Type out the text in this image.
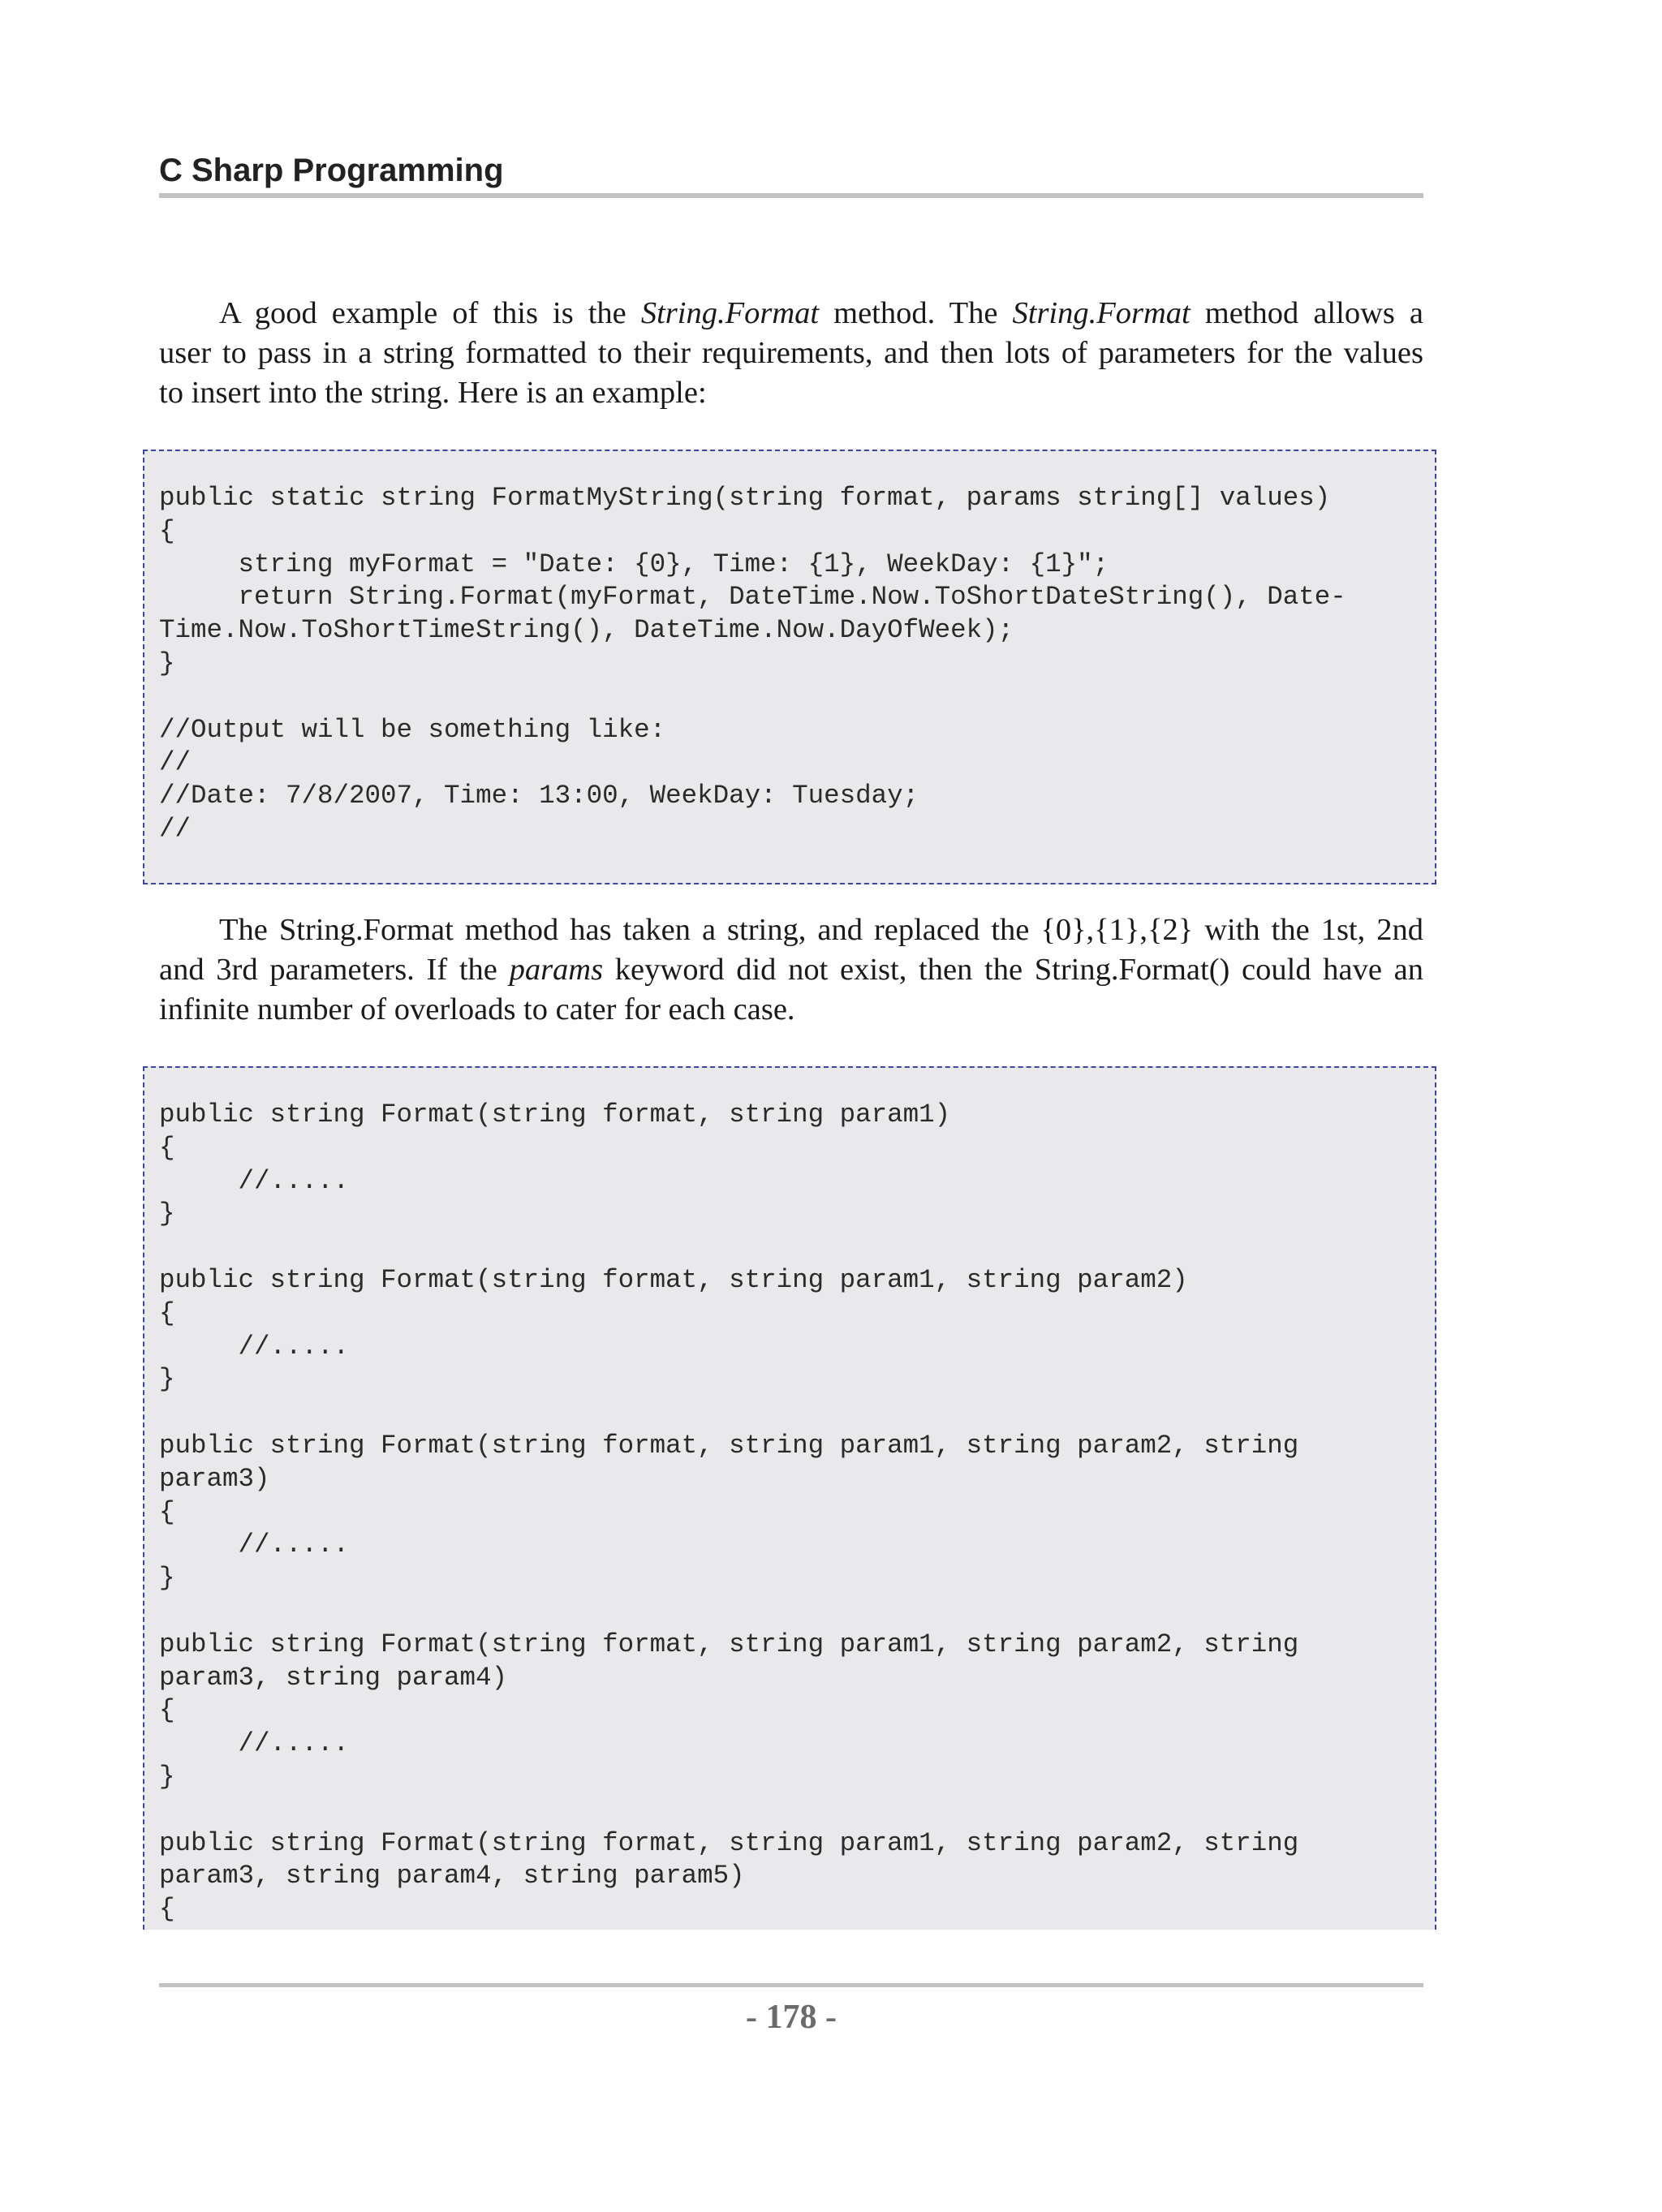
C Sharp Programming
A good example of this is the String.Format method. The String.Format method allows a
user to pass in a string formatted to their requirements, and then lots of parameters for the values
to insert into the string. Here is an example:
public static string FormatMyString(string format, params string[] values)
{
string myFormat = "Date: {0}, Time: {1}, WeekDay: {1}";
return String.Format(myFormat, DateTime.Now.ToShortDateString(), Date-
Time.Now.ToShortTimeString(), DateTime.Now.DayOfWeek);
}

//Output will be something like:
//
//Date: 7/8/2007, Time: 13:00, WeekDay: Tuesday;
//
The String.Format method has taken a string, and replaced the {0},{1},{2} with the 1st, 2nd
and 3rd parameters. If the params keyword did not exist, then the String.Format() could have an
infinite number of overloads to cater for each case.
public string Format(string format, string param1)
{
//.....
}

public string Format(string format, string param1, string param2)
{
//.....
}

public string Format(string format, string param1, string param2, string
param3)
{
//.....
}

public string Format(string format, string param1, string param2, string
param3, string param4)
{
//.....
}

public string Format(string format, string param1, string param2, string
param3, string param4, string param5)
{
- 178 -
